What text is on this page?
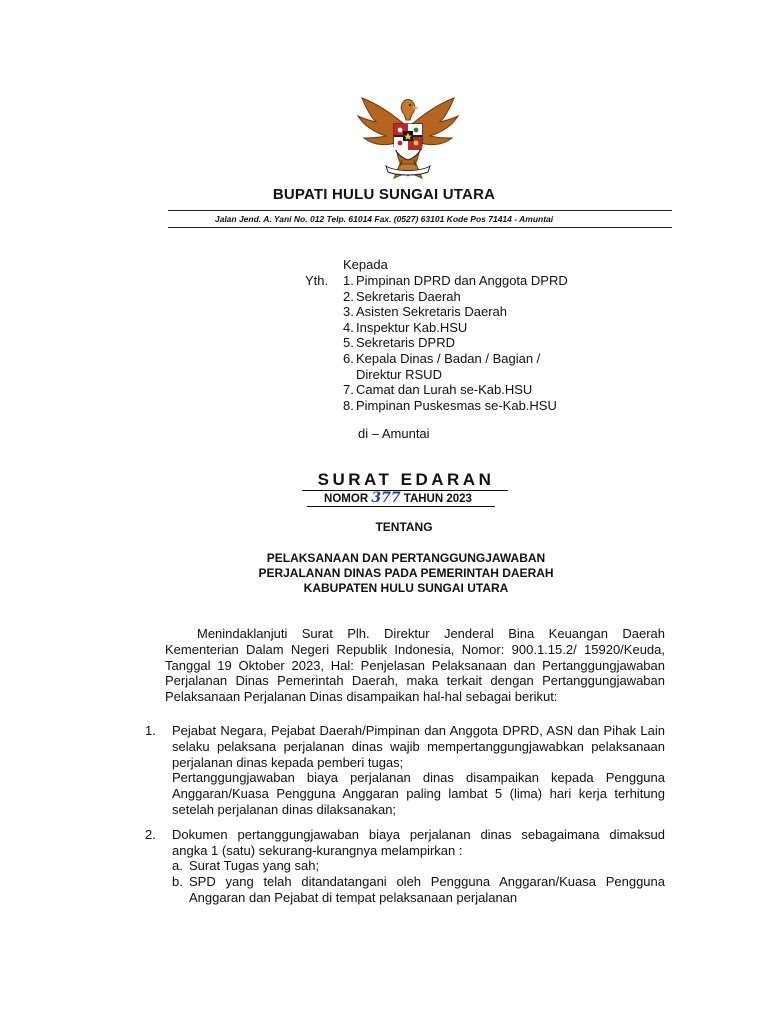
BUPATI HULU SUNGAI UTARA
Jalan Jend. A. Yani No. 012 Telp. 61014 Fax. (0527) 63101 Kode Pos 71414 - Amuntai
Kepada
Yth. 1. Pimpinan DPRD dan Anggota DPRD
2. Sekretaris Daerah
3. Asisten Sekretaris Daerah
4. Inspektur Kab.HSU
5. Sekretaris DPRD
6. Kepala Dinas / Badan / Bagian /
Direktur RSUD
7. Camat dan Lurah se-Kab.HSU
8. Pimpinan Puskesmas se-Kab.HSU
di – Amuntai
SURAT EDARAN
NOMOR 377 TAHUN 2023
TENTANG
PELAKSANAAN DAN PERTANGGUNGJAWABAN
PERJALANAN DINAS PADA PEMERINTAH DAERAH
KABUPATEN HULU SUNGAI UTARA

Menindaklanjuti Surat Plh. Direktur Jenderal Bina Keuangan Daerah Kementerian Dalam Negeri Republik Indonesia, Nomor: 900.1.15.2/ 15920/Keuda, Tanggal 19 Oktober 2023, Hal: Penjelasan Pelaksanaan dan Pertanggungjawaban Perjalanan Dinas Pemerintah Daerah, maka terkait dengan Pertanggungjawaban Pelaksanaan Perjalanan Dinas disampaikan hal-hal sebagai berikut:

1. Pejabat Negara, Pejabat Daerah/Pimpinan dan Anggota DPRD, ASN dan Pihak Lain selaku pelaksana perjalanan dinas wajib mempertanggungjawabkan pelaksanaan perjalanan dinas kepada pemberi tugas;

Pertanggungjawaban biaya perjalanan dinas disampaikan kepada Pengguna Anggaran/Kuasa Pengguna Anggaran paling lambat 5 (lima) hari kerja terhitung setelah perjalanan dinas dilaksanakan;

2. Dokumen pertanggungjawaban biaya perjalanan dinas sebagaimana dimaksud angka 1 (satu) sekurang-kurangnya melampirkan :

a. Surat Tugas yang sah;
b. SPD yang telah ditandatangani oleh Pengguna Anggaran/Kuasa Pengguna Anggaran dan Pejabat di tempat pelaksanaan perjalanan
